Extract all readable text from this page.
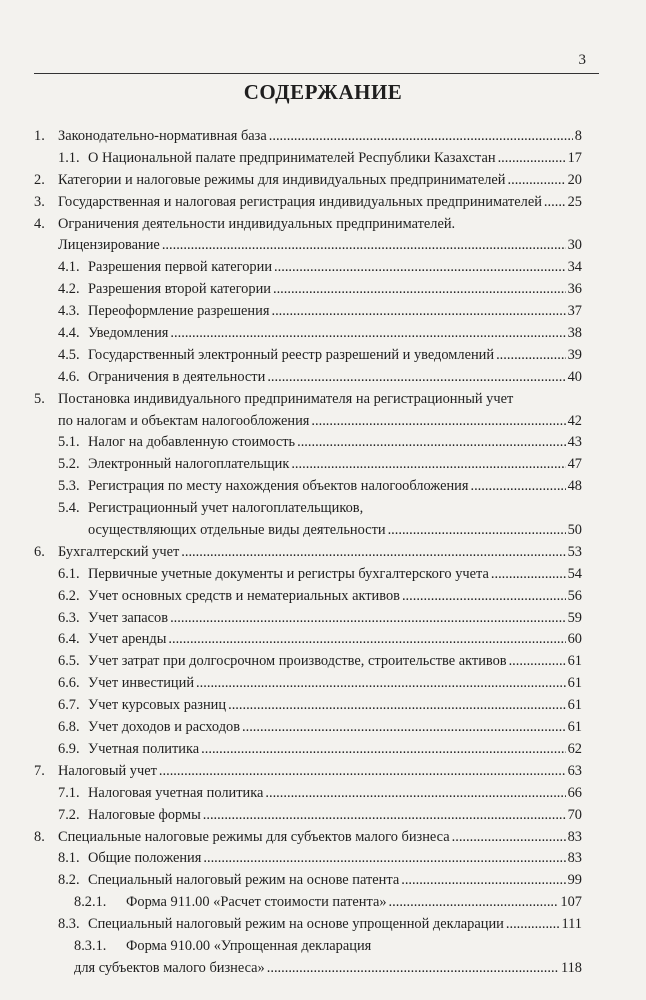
3
СОДЕРЖАНИЕ
1. Законодательно-нормативная база .....	8
1.1. О Национальной палате предпринимателей Республики Казахстан .....	17
2. Категории и налоговые режимы для индивидуальных предпринимателей .....	20
3. Государственная и налоговая регистрация индивидуальных предпринимателей ..... 25
4. Ограничения деятельности индивидуальных предпринимателей.
Лицензирование .....	30
4.1. Разрешения первой категории .....	34
4.2. Разрешения второй категории .....	36
4.3. Переоформление разрешения .....	37
4.4. Уведомления .....	38
4.5. Государственный электронный реестр разрешений и уведомлений .....	39
4.6. Ограничения в деятельности .....	40
5. Постановка индивидуального предпринимателя на регистрационный учет
по налогам и объектам налогообложения .....	42
5.1. Налог на добавленную стоимость .....	43
5.2. Электронный налогоплательщик .....	47
5.3. Регистрация по месту нахождения объектов налогообложения .....	48
5.4. Регистрационный учет налогоплательщиков,
осуществляющих отдельные виды деятельности .....	50
6. Бухгалтерский учет .....	53
6.1. Первичные учетные документы и регистры бухгалтерского учета .....	54
6.2. Учет основных средств и нематериальных активов .....	56
6.3. Учет запасов .....	59
6.4. Учет аренды .....	60
6.5. Учет затрат при долгосрочном производстве, строительстве активов .....	61
6.6. Учет инвестиций .....	61
6.7. Учет курсовых разниц .....	61
6.8. Учет доходов и расходов .....	61
6.9. Учетная политика .....	62
7. Налоговый учет .....	63
7.1. Налоговая учетная политика .....	66
7.2. Налоговые формы .....	70
8. Специальные налоговые режимы для субъектов малого бизнеса .....	83
8.1. Общие положения .....	83
8.2. Специальный налоговый режим на основе патента .....	99
8.2.1.	Форма 911.00 «Расчет стоимости патента» .....	107
8.3. Специальный налоговый режим на основе упрощенной декларации .....	111
8.3.1.	Форма 910.00 «Упрощенная декларация
для субъектов малого бизнеса» .....	118
